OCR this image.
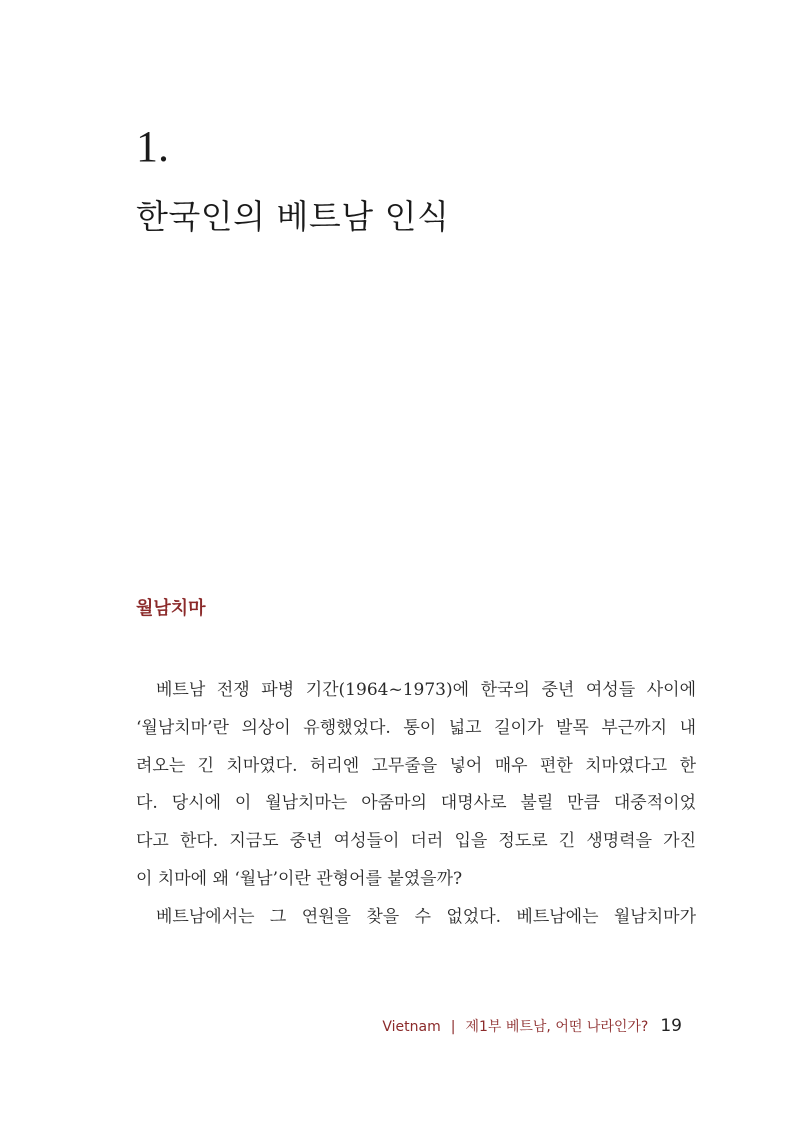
1.
한국인의 베트남 인식
월남치마
베트남 전쟁 파병 기간(1964~1973)에 한국의 중년 여성들 사이에
‘월남치마’란 의상이 유행했었다. 통이 넓고 길이가 발목 부근까지 내
려오는 긴 치마였다. 허리엔 고무줄을 넣어 매우 편한 치마였다고 한
다. 당시에 이 월남치마는 아줌마의 대명사로 불릴 만큼 대중적이었
다고 한다. 지금도 중년 여성들이 더러 입을 정도로 긴 생명력을 가진
이 치마에 왜 ‘월남’이란 관형어를 붙였을까?
베트남에서는 그 연원을 찾을 수 없었다. 베트남에는 월남치마가
Vietnam | 제1부 베트남, 어떤 나라인가? 19
